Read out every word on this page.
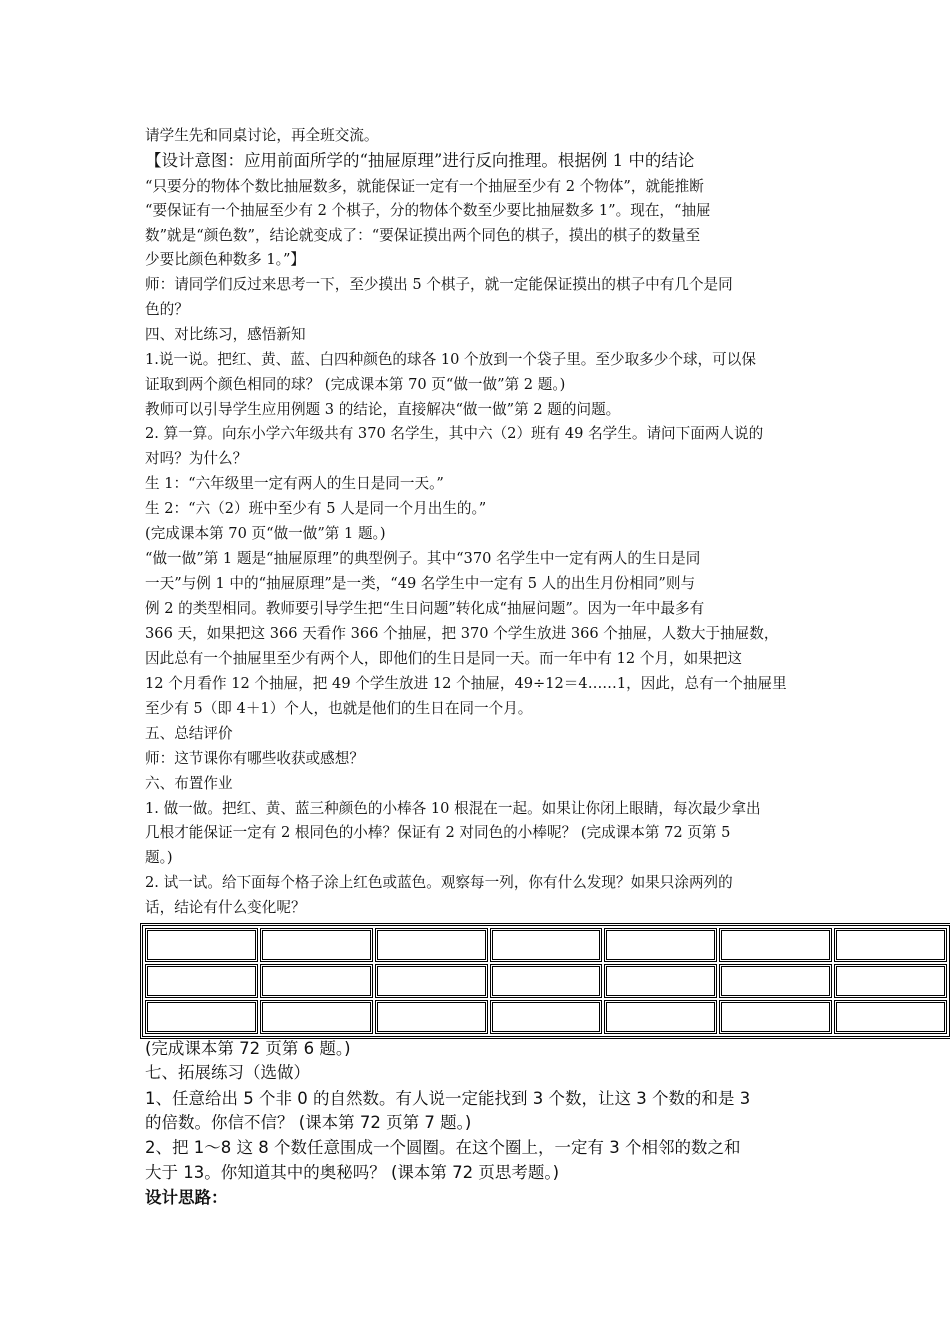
请学生先和同桌讨论，再全班交流。
【设计意图：应用前面所学的“抽屉原理”进行反向推理。根据例 1 中的结论
“只要分的物体个数比抽屉数多，就能保证一定有一个抽屉至少有 2 个物体”，就能推断
“要保证有一个抽屉至少有 2 个棋子，分的物体个数至少要比抽屉数多 1”。现在，“抽屉
数”就是“颜色数”，结论就变成了：“要保证摸出两个同色的棋子，摸出的棋子的数量至
少要比颜色种数多 1。”】
师：请同学们反过来思考一下，至少摸出 5 个棋子，就一定能保证摸出的棋子中有几个是同
色的？
四、对比练习，感悟新知
1.说一说。把红、黄、蓝、白四种颜色的球各 10 个放到一个袋子里。至少取多少个球，可以保
证取到两个颜色相同的球？ (完成课本第 70 页“做一做”第 2 题。)
教师可以引导学生应用例题 3 的结论，直接解决“做一做”第 2 题的问题。
2. 算一算。向东小学六年级共有 370 名学生，其中六（2）班有 49 名学生。请问下面两人说的
对吗？为什么？
生 1：“六年级里一定有两人的生日是同一天。”
生 2：“六（2）班中至少有 5 人是同一个月出生的。”
(完成课本第 70 页“做一做”第 1 题。)
“做一做”第 1 题是“抽屉原理”的典型例子。其中“370 名学生中一定有两人的生日是同
一天”与例 1 中的“抽屉原理”是一类，“49 名学生中一定有 5 人的出生月份相同”则与
例 2 的类型相同。教师要引导学生把“生日问题”转化成“抽屉问题”。因为一年中最多有
366 天，如果把这 366 天看作 366 个抽屉，把 370 个学生放进 366 个抽屉，人数大于抽屉数，
因此总有一个抽屉里至少有两个人，即他们的生日是同一天。而一年中有 12 个月，如果把这
12 个月看作 12 个抽屉，把 49 个学生放进 12 个抽屉，49÷12＝4……1，因此，总有一个抽屉里
至少有 5（即 4＋1）个人，也就是他们的生日在同一个月。
五、总结评价
师：这节课你有哪些收获或感想？
六、布置作业
1. 做一做。把红、黄、蓝三种颜色的小棒各 10 根混在一起。如果让你闭上眼睛，每次最少拿出
几根才能保证一定有 2 根同色的小棒？保证有 2 对同色的小棒呢？ (完成课本第 72 页第 5
题。)
2. 试一试。给下面每个格子涂上红色或蓝色。观察每一列，你有什么发现？如果只涂两列的
话，结论有什么变化呢？

(完成课本第 72 页第 6 题。)
七、拓展练习（选做）
1、任意给出 5 个非 0 的自然数。有人说一定能找到 3 个数，让这 3 个数的和是 3
的倍数。你信不信？ (课本第 72 页第 7 题。)
2、把 1～8 这 8 个数任意围成一个圆圈。在这个圈上，一定有 3 个相邻的数之和
大于 13。你知道其中的奥秘吗？ (课本第 72 页思考题。)
设计思路：
